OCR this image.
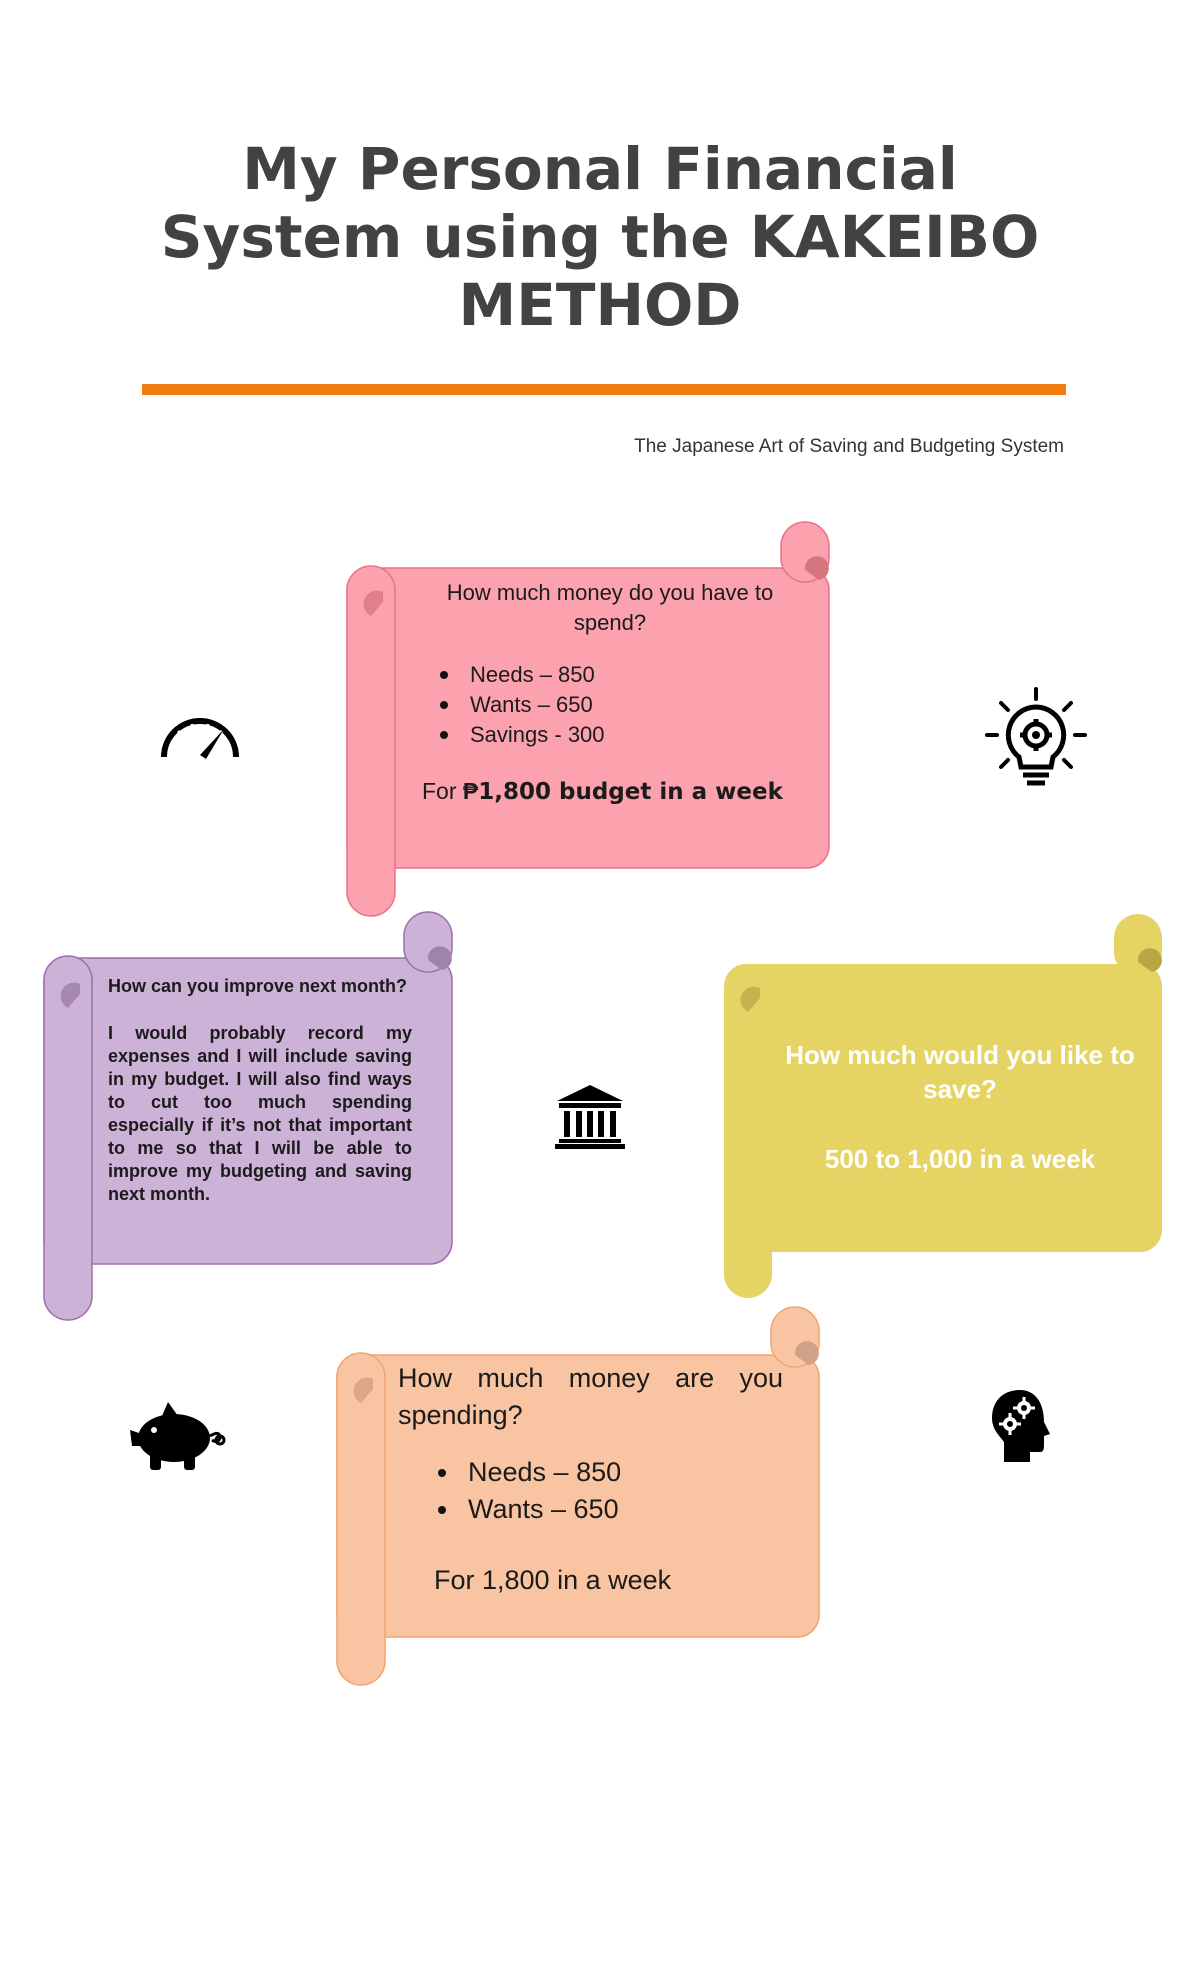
My Personal Financial System using the KAKEIBO METHOD
The Japanese Art of Saving and Budgeting System
How much money do you have to spend?
Needs – 850
Wants – 650
Savings - 300
For ₱1,800 budget in a week
How can you improve next month?
I would probably record my expenses and I will include saving in my budget. I will also find ways to cut too much spending especially if it’s not that important to me so that I will be able to improve my budgeting and saving next month.
How much would you like to save?
500 to 1,000 in a week
How much money are you spending?
Needs – 850
Wants – 650
For 1,800 in a week
